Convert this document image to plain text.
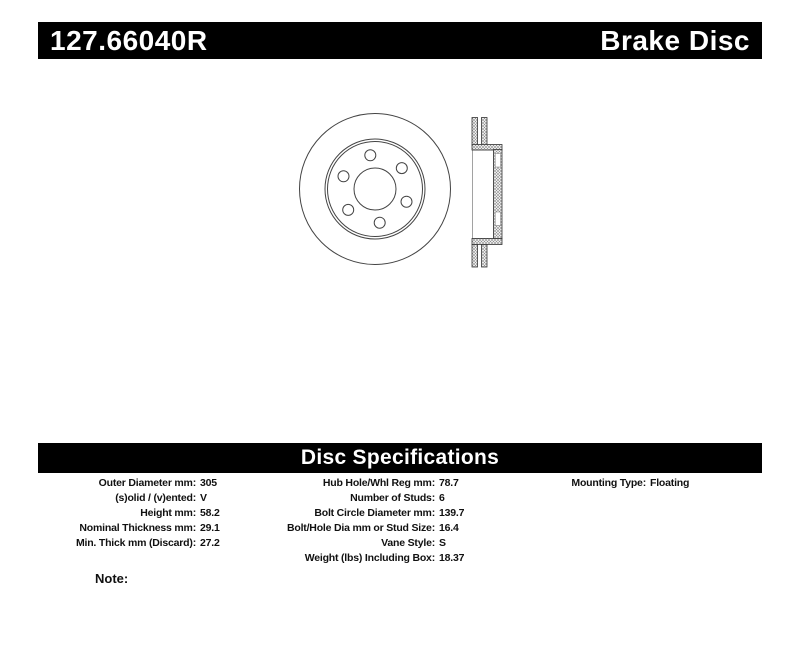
127.66040R	Brake Disc
Disc Specifications
Outer Diameter mm: 305
(s)olid / (v)ented: V
Height mm: 58.2
Nominal Thickness mm: 29.1
Min. Thick mm (Discard): 27.2
Hub Hole/Whl Reg mm: 78.7
Number of Studs: 6
Bolt Circle Diameter mm: 139.7
Bolt/Hole Dia mm or Stud Size: 16.4
Vane Style: S
Weight (lbs) Including Box: 18.37
Mounting Type: Floating
Note:
